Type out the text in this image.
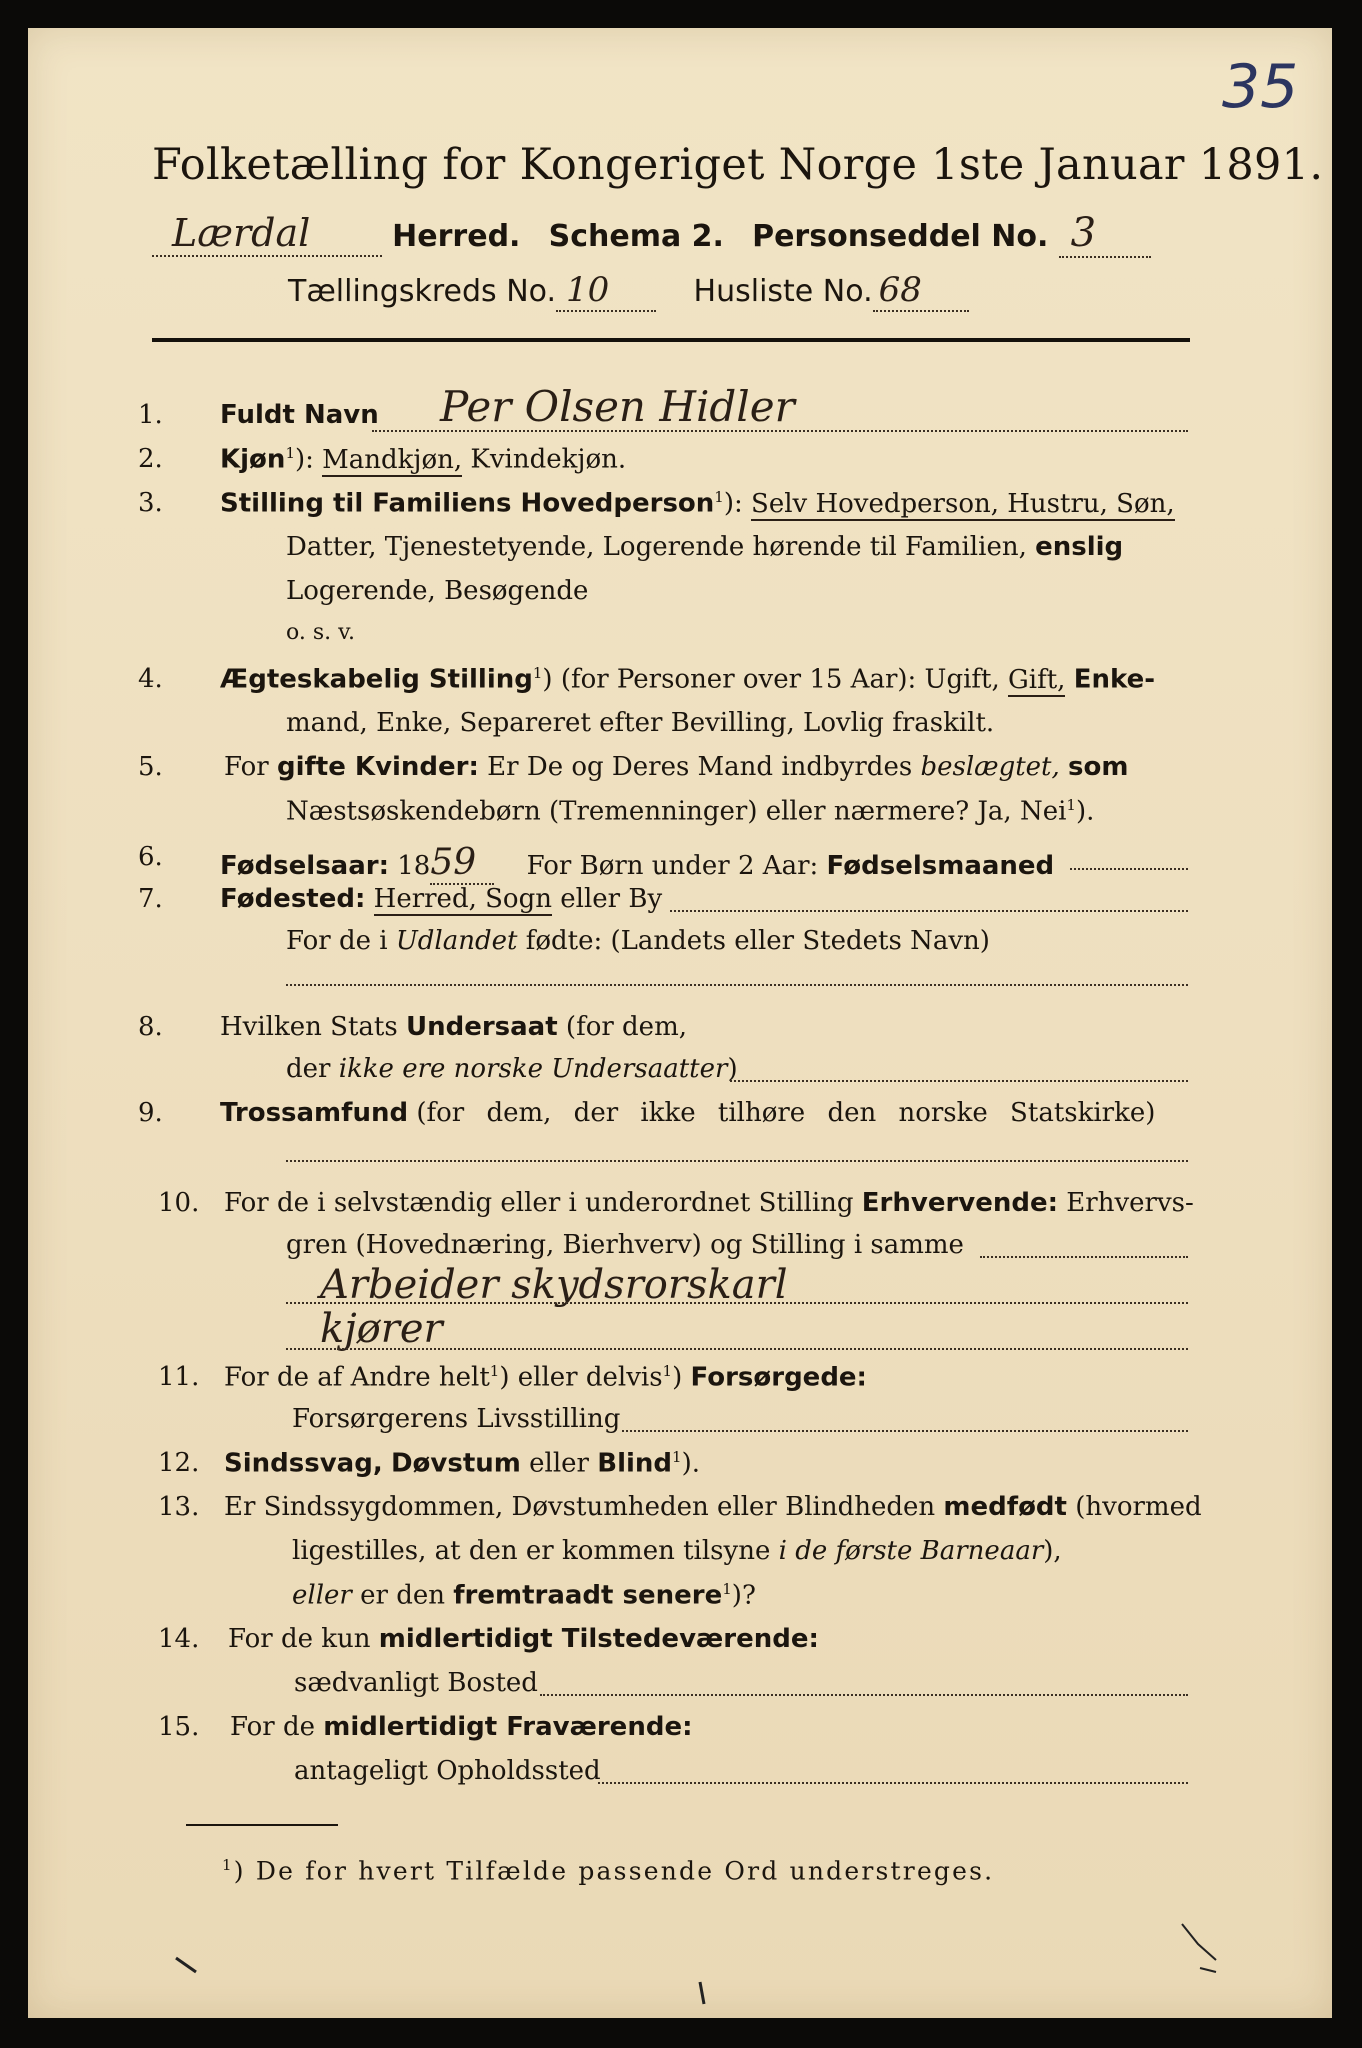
35
Folketælling for Kongeriget Norge 1ste Januar 1891.
Lærdal	Herred. Schema 2. Personseddel No. 3
Tællingskreds No. 10	Husliste No. 68
1. Fuldt Navn Per Olsen Hidler
2. Kjøn$^1$): Mandkjøn, Kvindekjøn.
3. Stilling til Familiens Hovedperson$^1$): Selv Hovedperson, Hustru, Søn,
Datter, Tjenestetyende, Logerende hørende til Familien, enslig
Logerende, Besøgende
o. s. v.
4. Ægteskabelig Stilling$^1$) (for Personer over 15 Aar): Ugift, Gift, Enke-
mand, Enke, Separeret efter Bevilling, Lovlig fraskilt.
5. For gifte Kvinder: Er De og Deres Mand indbyrdes beslægtet, som
Næstsøskendebørn (Tremenninger) eller nærmere? Ja, Nei$^1$).
6. Fødselsaar: 1859 For Børn under 2 Aar: Fødselsmaaned
7. Fødested: Herred, Sogn eller By
For de i Udlandet fødte: (Landets eller Stedets Navn)
8. Hvilken Stats Undersaat (for dem,
der ikke ere norske Undersaatter)
9. Trossamfund (for dem, der ikke tilhøre den norske Statskirke)
10. For de i selvstændig eller i underordnet Stilling Erhvervende: Erhvervs-
gren (Hovednæring, Bierhverv) og Stilling i samme
Arbeider skydsrorskarl
kjører
11. For de af Andre helt$^1$) eller delvis$^1$) Forsørgede:
Forsørgerens Livsstilling
12. Sindssvag, Døvstum eller Blind$^1$).
13. Er Sindssygdommen, Døvstumheden eller Blindheden medfødt (hvormed
ligestilles, at den er kommen tilsyne i de første Barneaar),
eller er den fremtraadt senere$^1$)?
14. For de kun midlertidigt Tilstedeværende:
sædvanligt Bosted
15. For de midlertidigt Fraværende:
antageligt Opholdssted
$^1$) De for hvert Tilfælde passende Ord understreges.
